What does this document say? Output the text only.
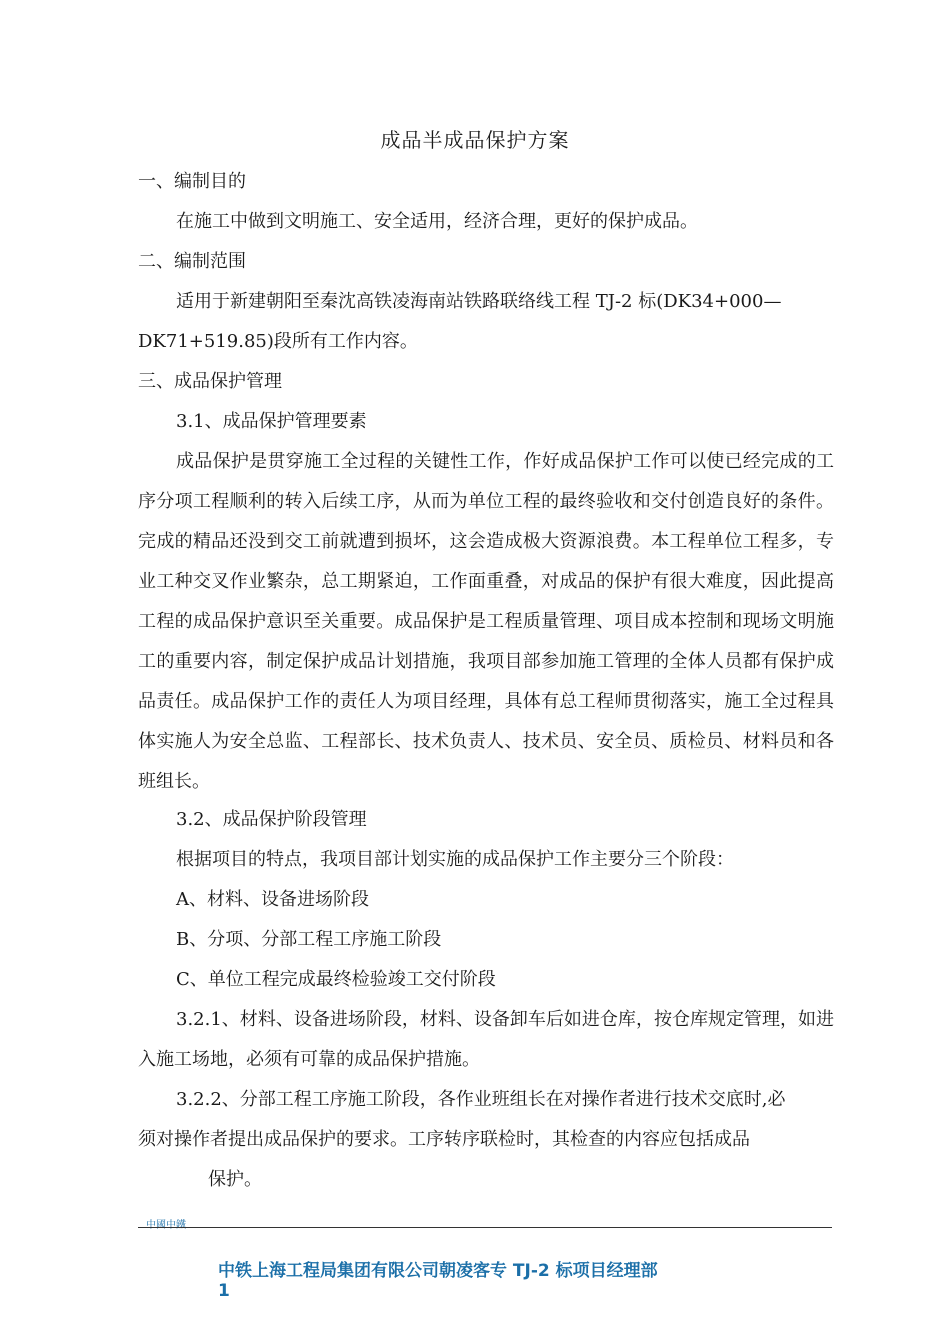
成品半成品保护方案
一、编制目的
在施工中做到文明施工、安全适用，经济合理，更好的保护成品。
二、编制范围
适用于新建朝阳至秦沈高铁凌海南站铁路联络线工程 TJ-2 标(DK34+000—
DK71+519.85)段所有工作内容。
三、成品保护管理
3.1、成品保护管理要素
成品保护是贯穿施工全过程的关键性工作，作好成品保护工作可以使已经完成的工序分项工程顺利的转入后续工序，从而为单位工程的最终验收和交付创造良好的条件。完成的精品还没到交工前就遭到损坏，这会造成极大资源浪费。本工程单位工程多，专业工种交叉作业繁杂，总工期紧迫，工作面重叠，对成品的保护有很大难度，因此提高工程的成品保护意识至关重要。成品保护是工程质量管理、项目成本控制和现场文明施工的重要内容，制定保护成品计划措施，我项目部参加施工管理的全体人员都有保护成品责任。成品保护工作的责任人为项目经理，具体有总工程师贯彻落实，施工全过程具体实施人为安全总监、工程部长、技术负责人、技术员、安全员、质检员、材料员和各班组长。
3.2、成品保护阶段管理
根据项目的特点，我项目部计划实施的成品保护工作主要分三个阶段：
A、材料、设备进场阶段
B、分项、分部工程工序施工阶段
C、单位工程完成最终检验竣工交付阶段
3.2.1、材料、设备进场阶段，材料、设备卸车后如进仓库，按仓库规定管理，如进入施工场地，必须有可靠的成品保护措施。
3.2.2、分部工程工序施工阶段，各作业班组长在对操作者进行技术交底时,必
须对操作者提出成品保护的要求。工序转序联检时，其检查的内容应包括成品
保护。
中國中鐵
中铁上海工程局集团有限公司朝凌客专 TJ-2 标项目经理部
1
